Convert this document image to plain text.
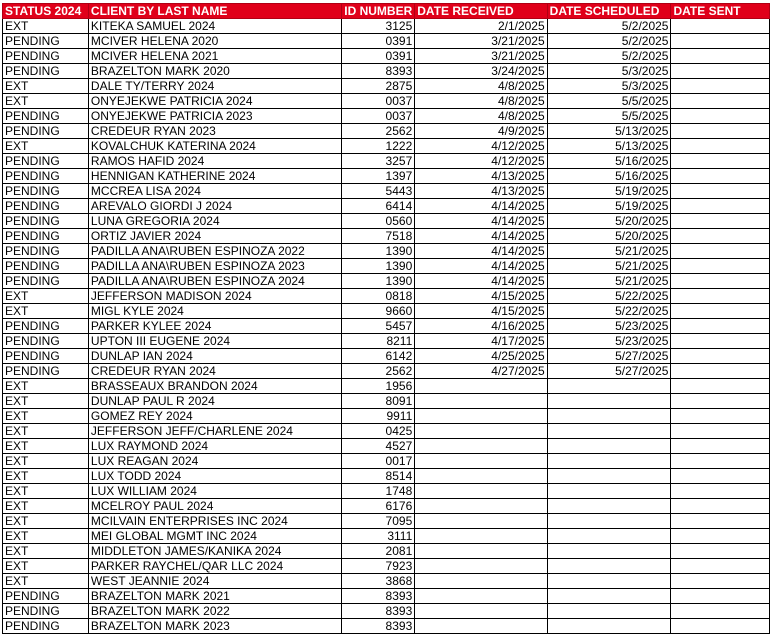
STATUS 2024	CLIENT BY LAST NAME	ID NUMBER	DATE RECEIVED	DATE SCHEDULED	DATE SENT
EXT	KITEKA SAMUEL 2024	3125	2/1/2025	5/2/2025	
PENDING	MCIVER HELENA 2020	0391	3/21/2025	5/2/2025	
PENDING	MCIVER HELENA 2021	0391	3/21/2025	5/2/2025	
PENDING	BRAZELTON MARK 2020	8393	3/24/2025	5/3/2025	
EXT	DALE TY/TERRY 2024	2875	4/8/2025	5/3/2025	
EXT	ONYEJEKWE PATRICIA 2024	0037	4/8/2025	5/5/2025	
PENDING	ONYEJEKWE PATRICIA 2023	0037	4/8/2025	5/5/2025	
PENDING	CREDEUR RYAN 2023	2562	4/9/2025	5/13/2025	
EXT	KOVALCHUK KATERINA 2024	1222	4/12/2025	5/13/2025	
PENDING	RAMOS HAFID 2024	3257	4/12/2025	5/16/2025	
PENDING	HENNIGAN KATHERINE 2024	1397	4/13/2025	5/16/2025	
PENDING	MCCREA LISA 2024	5443	4/13/2025	5/19/2025	
PENDING	AREVALO GIORDI J 2024	6414	4/14/2025	5/19/2025	
PENDING	LUNA GREGORIA 2024	0560	4/14/2025	5/20/2025	
PENDING	ORTIZ JAVIER 2024	7518	4/14/2025	5/20/2025	
PENDING	PADILLA ANA\RUBEN ESPINOZA 2022	1390	4/14/2025	5/21/2025	
PENDING	PADILLA ANA\RUBEN ESPINOZA 2023	1390	4/14/2025	5/21/2025	
PENDING	PADILLA ANA\RUBEN ESPINOZA 2024	1390	4/14/2025	5/21/2025	
EXT	JEFFERSON MADISON 2024	0818	4/15/2025	5/22/2025	
EXT	MIGL KYLE 2024	9660	4/15/2025	5/22/2025	
PENDING	PARKER KYLEE 2024	5457	4/16/2025	5/23/2025	
PENDING	UPTON III EUGENE 2024	8211	4/17/2025	5/23/2025	
PENDING	DUNLAP IAN 2024	6142	4/25/2025	5/27/2025	
PENDING	CREDEUR RYAN 2024	2562	4/27/2025	5/27/2025	
EXT	BRASSEAUX BRANDON 2024	1956			
EXT	DUNLAP PAUL R 2024	8091			
EXT	GOMEZ REY 2024	9911			
EXT	JEFFERSON JEFF/CHARLENE 2024	0425			
EXT	LUX RAYMOND 2024	4527			
EXT	LUX REAGAN 2024	0017			
EXT	LUX TODD 2024	8514			
EXT	LUX WILLIAM 2024	1748			
EXT	MCELROY PAUL 2024	6176			
EXT	MCILVAIN ENTERPRISES INC 2024	7095			
EXT	MEI GLOBAL MGMT INC 2024	3111			
EXT	MIDDLETON JAMES/KANIKA 2024	2081			
EXT	PARKER RAYCHEL/QAR LLC 2024	7923			
EXT	WEST JEANNIE 2024	3868			
PENDING	BRAZELTON MARK 2021	8393			
PENDING	BRAZELTON MARK 2022	8393			
PENDING	BRAZELTON MARK 2023	8393			
